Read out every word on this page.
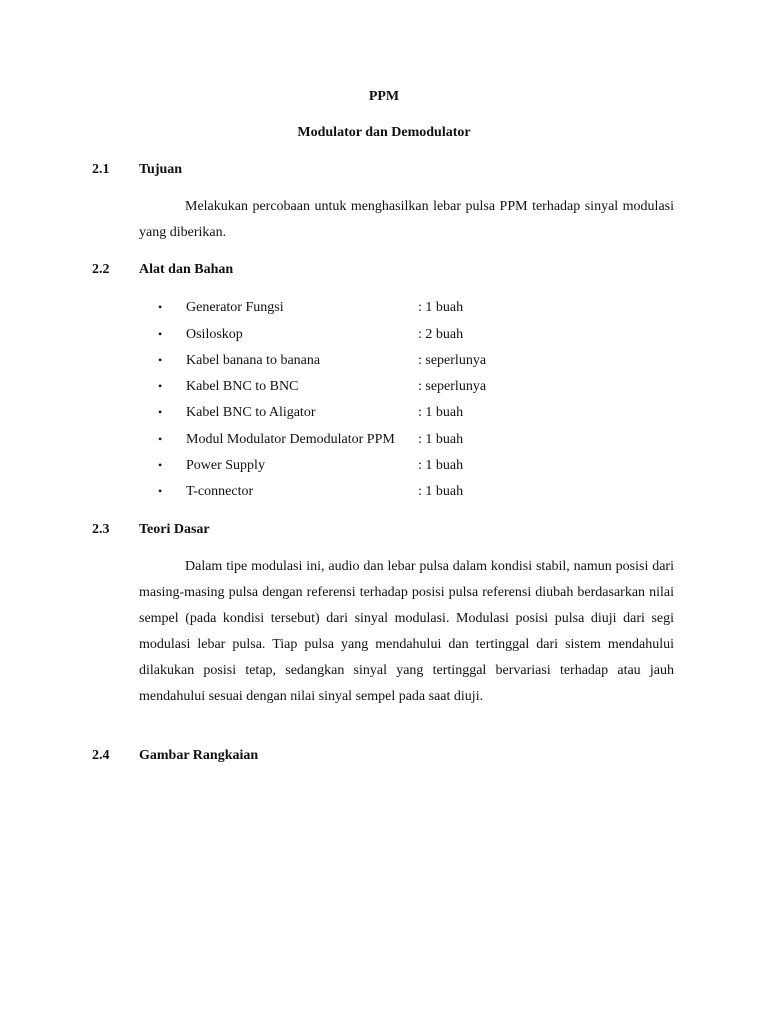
PPM
Modulator dan Demodulator
2.1 Tujuan
Melakukan percobaan untuk menghasilkan lebar pulsa PPM terhadap sinyal modulasi yang diberikan.
2.2 Alat dan Bahan
• Generator Fungsi	: 1 buah
• Osiloskop	: 2 buah
• Kabel banana to banana	: seperlunya
• Kabel BNC to BNC	: seperlunya
• Kabel BNC to Aligator	: 1 buah
• Modul Modulator Demodulator PPM : 1 buah
• Power Supply	: 1 buah
• T-connector	: 1 buah
2.3 Teori Dasar
Dalam tipe modulasi ini, audio dan lebar pulsa dalam kondisi stabil, namun posisi dari masing-masing pulsa dengan referensi terhadap posisi pulsa referensi diubah berdasarkan nilai sempel (pada kondisi tersebut) dari sinyal modulasi. Modulasi posisi pulsa diuji dari segi modulasi lebar pulsa. Tiap pulsa yang mendahului dan tertinggal dari sistem mendahului dilakukan posisi tetap, sedangkan sinyal yang tertinggal bervariasi terhadap atau jauh mendahului sesuai dengan nilai sinyal sempel pada saat diuji.
2.4 Gambar Rangkaian
